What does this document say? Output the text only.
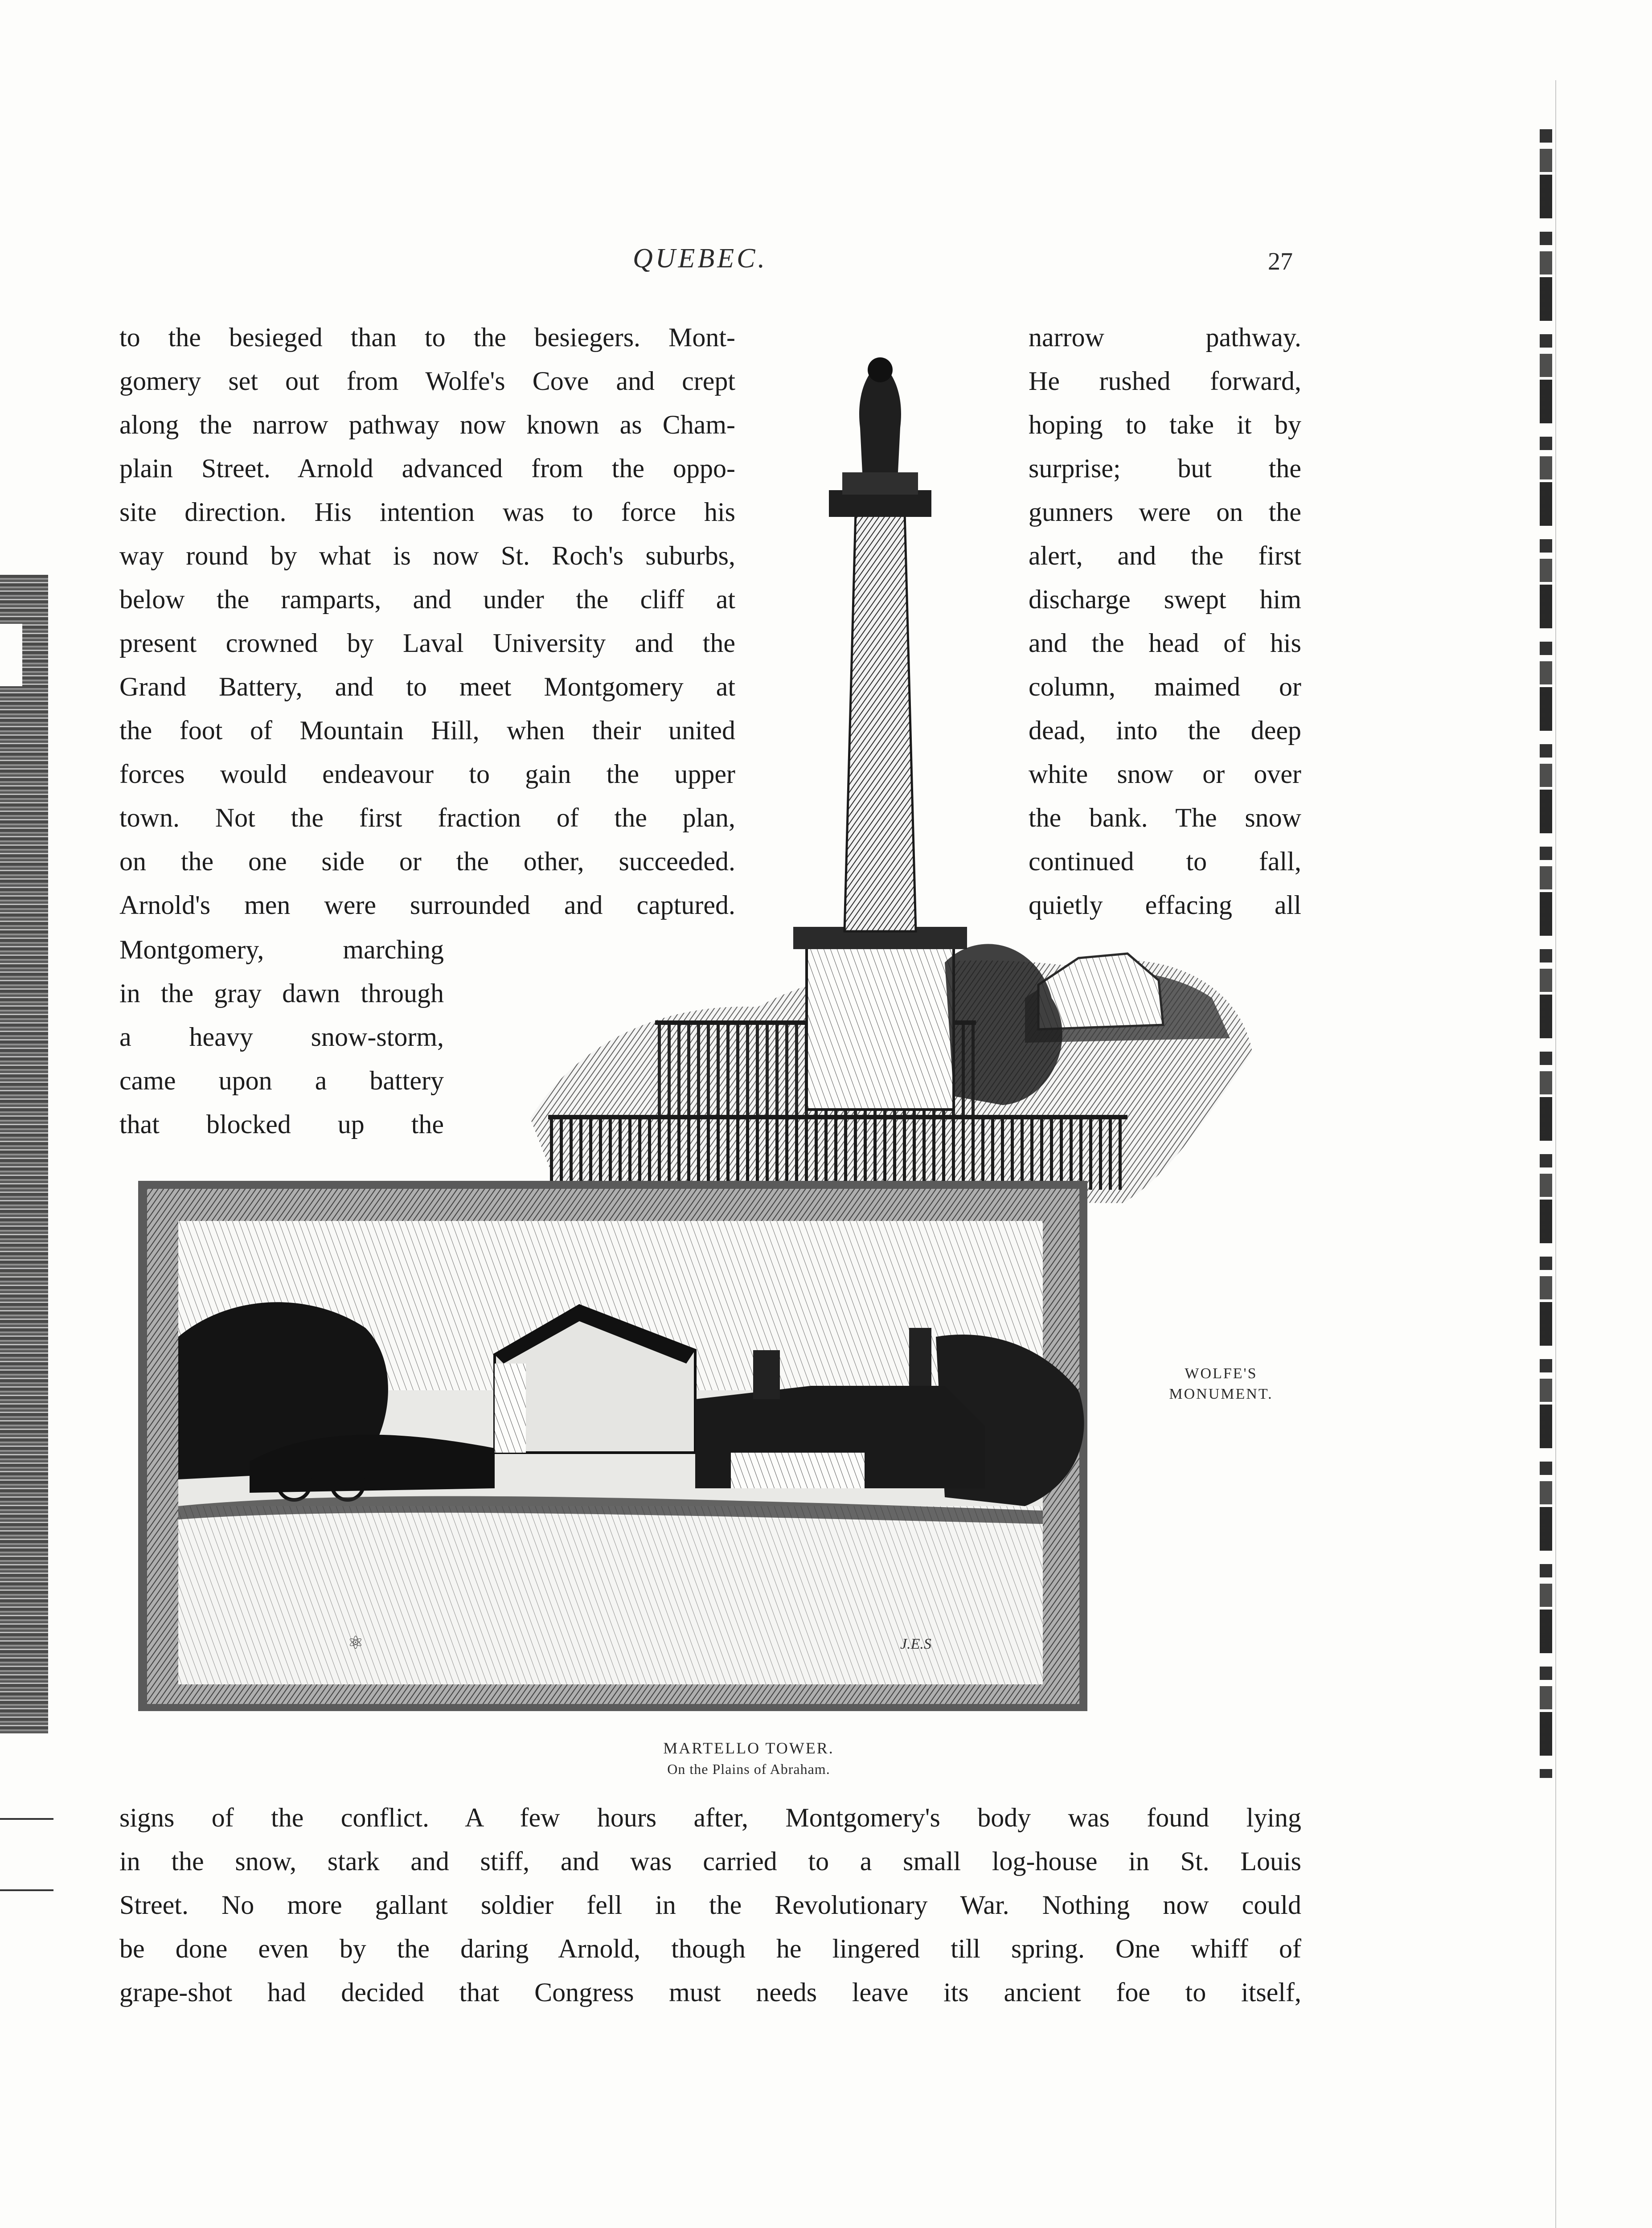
QUEBEC.	27
J.E.S
⚛
WOLFE'S
MONUMENT.
MARTELLO TOWER.
On the Plains of Abraham.
to the besieged than to the besiegers. Mont-
gomery set out from Wolfe's Cove and crept
along the narrow pathway now known as Cham-
plain Street. Arnold advanced from the oppo-
site direction. His intention was to force his
way round by what is now St. Roch's suburbs,
below the ramparts, and under the cliff at
present crowned by Laval University and the
Grand Battery, and to meet Montgomery at
the foot of Mountain Hill, when their united
forces would endeavour to gain the upper
town. Not the first fraction of the plan,
on the one side or the other, succeeded.
Arnold's men were surrounded and captured.
Montgomery, marching
in the gray dawn through
a heavy snow-storm,
came upon a battery
that blocked up the
narrow pathway.
He rushed forward,
hoping to take it by
surprise; but the
gunners were on the
alert, and the first
discharge swept him
and the head of his
column, maimed or
dead, into the deep
white snow or over
the bank. The snow
continued to fall,
quietly effacing all
signs of the conflict. A few hours after, Montgomery's body was found lying
in the snow, stark and stiff, and was carried to a small log-house in St. Louis
Street. No more gallant soldier fell in the Revolutionary War. Nothing now could
be done even by the daring Arnold, though he lingered till spring. One whiff of
grape-shot had decided that Congress must needs leave its ancient foe to itself,
